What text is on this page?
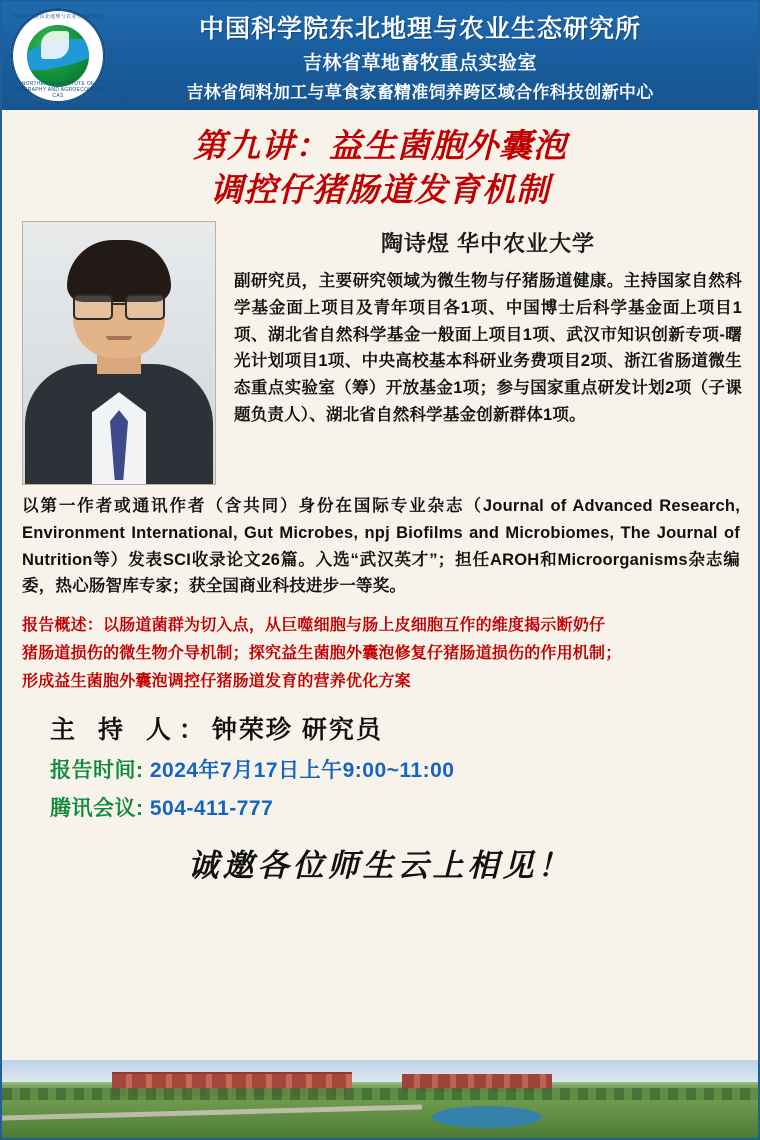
中国科学院东北地理与农业生态研究所
NORTHEAST INSTITUTE OF GEOGRAPHY AND AGROECOLOGY, CAS
中国科学院东北地理与农业生态研究所
吉林省草地畜牧重点实验室
吉林省饲料加工与草食家畜精准饲养跨区域合作科技创新中心
第九讲：益生菌胞外囊泡
调控仔猪肠道发育机制
陶诗煜 华中农业大学
副研究员，主要研究领域为微生物与仔猪肠道健康。主持国家自然科学基金面上项目及青年项目各1项、中国博士后科学基金面上项目1项、湖北省自然科学基金一般面上项目1项、武汉市知识创新专项-曙光计划项目1项、中央高校基本科研业务费项目2项、浙江省肠道微生态重点实验室（筹）开放基金1项；参与国家重点研发计划2项（子课题负责人）、湖北省自然科学基金创新群体1项。
以第一作者或通讯作者（含共同）身份在国际专业杂志（Journal of Advanced Research, Environment International, Gut Microbes, npj Biofilms and Microbiomes, The Journal of Nutrition等）发表SCI收录论文26篇。入选“武汉英才”；担任AROH和Microorganisms杂志编委，热心肠智库专家；获全国商业科技进步一等奖。
报告概述：以肠道菌群为切入点，从巨噬细胞与肠上皮细胞互作的维度揭示断奶仔
猪肠道损伤的微生物介导机制；探究益生菌胞外囊泡修复仔猪肠道损伤的作用机制；
形成益生菌胞外囊泡调控仔猪肠道发育的营养优化方案
主 持 人：钟荣珍 研究员
报告时间: 2024年7月17日上午9:00~11:00
腾讯会议: 504-411-777
诚邀各位师生云上相见！
